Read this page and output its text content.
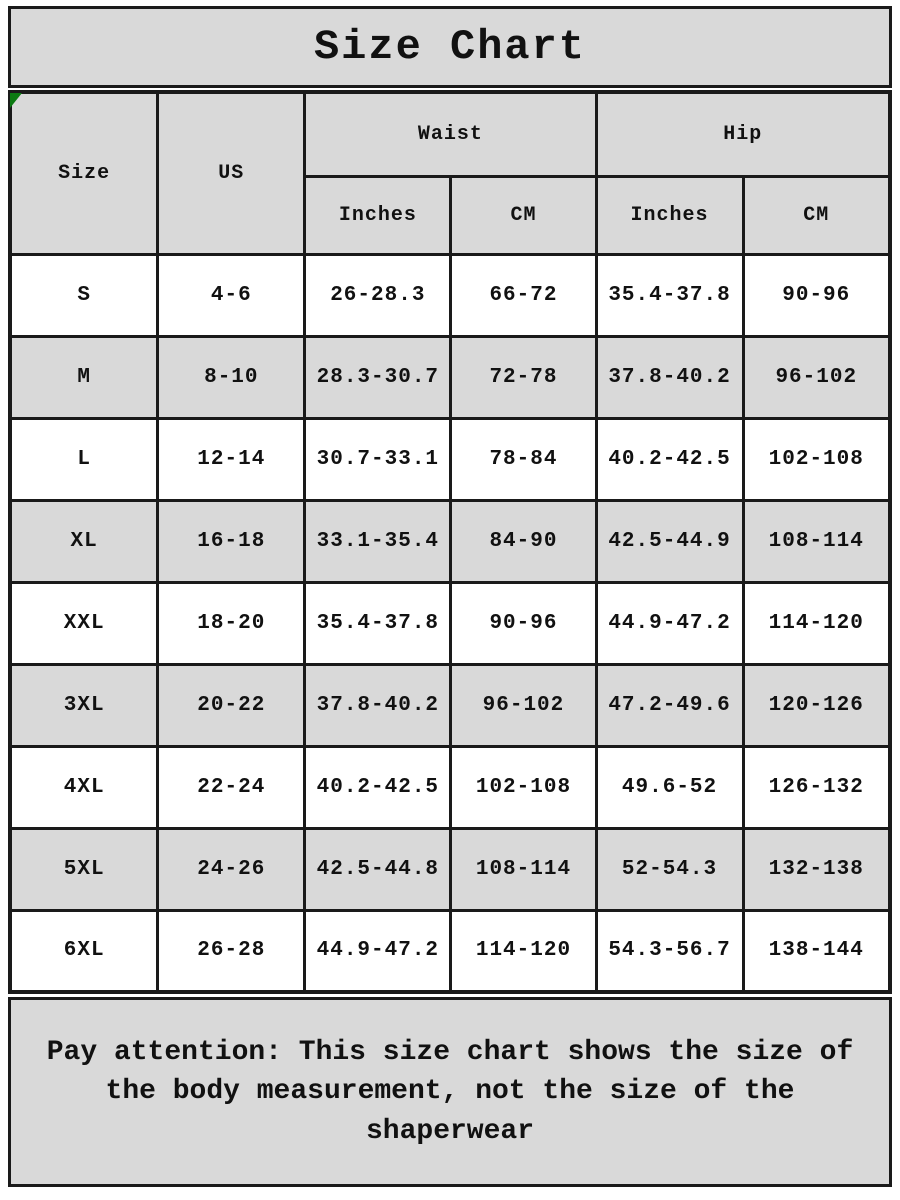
Size Chart
Size	US	Waist		Hip	
		Inches	CM	Inches	CM
S	4-6	26-28.3	66-72	35.4-37.8	90-96
M	8-10	28.3-30.7	72-78	37.8-40.2	96-102
L	12-14	30.7-33.1	78-84	40.2-42.5	102-108
XL	16-18	33.1-35.4	84-90	42.5-44.9	108-114
XXL	18-20	35.4-37.8	90-96	44.9-47.2	114-120
3XL	20-22	37.8-40.2	96-102	47.2-49.6	120-126
4XL	22-24	40.2-42.5	102-108	49.6-52	126-132
5XL	24-26	42.5-44.8	108-114	52-54.3	132-138
6XL	26-28	44.9-47.2	114-120	54.3-56.7	138-144
Pay attention: This size chart shows the size of the body measurement, not the size of the shaperwear
